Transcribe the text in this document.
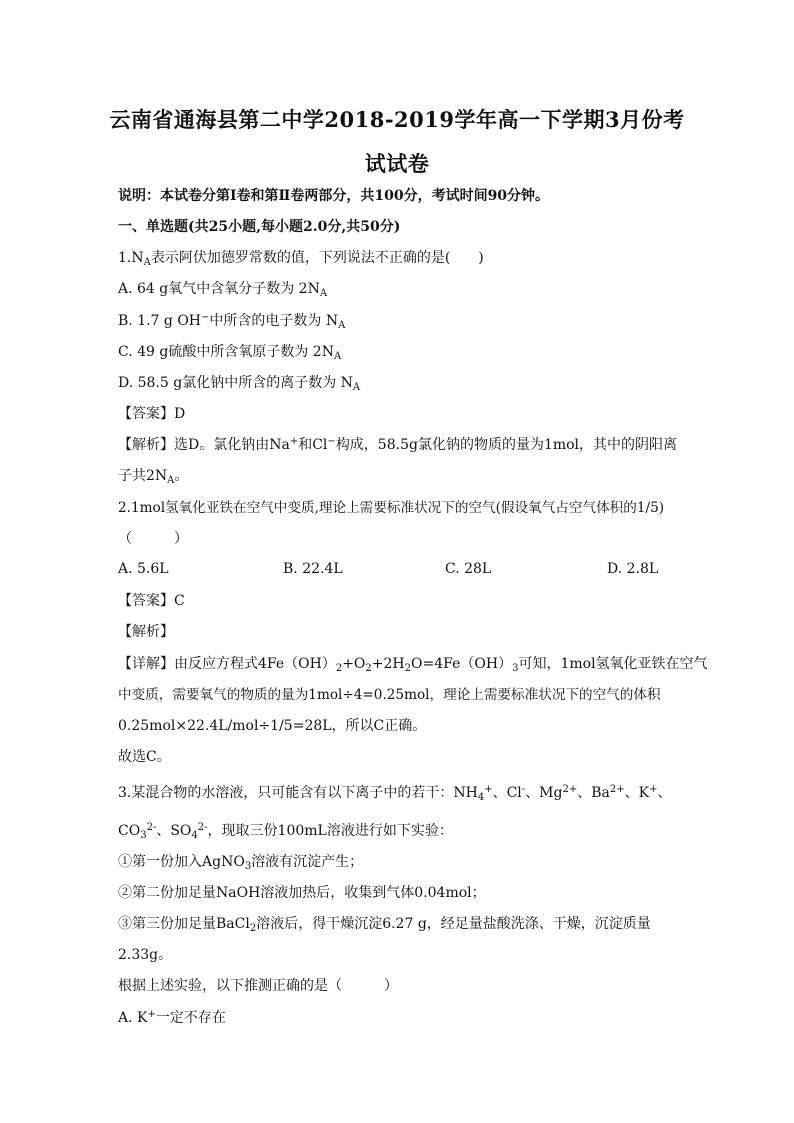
云南省通海县第二中学2018-2019学年高一下学期3月份考
试试卷
说明：本试卷分第Ⅰ卷和第Ⅱ卷两部分，共100分，考试时间90分钟。
一、单选题(共25小题,每小题2.0分,共50分)
$1.N_A$表示阿伏加德罗常数的值，下列说法不正确的是(　　)
A. 64 g氧气中含氧分子数为 $2N_A$
B. 1.7 g OH−中所含的电子数为 $N_A$
C. 49 g硫酸中所含氧原子数为 $2N_A$
D. 58.5 g氯化钠中所含的离子数为 $N_A$
【答案】D
【解析】选D。氯化钠由Na+和Cl−构成，58.5g氯化钠的物质的量为1mol，其中的阴阳离
子共$2N_A$。
2.1mol氢氧化亚铁在空气中变质,理论上需要标准状况下的空气(假设氧气占空气体积的1/5)
（　　　）
A. 5.6L	B. 22.4L	C. 28L	D. 2.8L
【答案】C
【解析】
【详解】由反应方程式$4Fe(OH)_2+O_2+2H_2O=4Fe(OH)_3$可知，1mol氢氧化亚铁在空气
中变质，需要氧气的物质的量为1mol÷4=0.25mol，理论上需要标准状况下的空气的体积
0.25mol×22.4L/mol÷1/5=28L，所以C正确。
故选C。
3.某混合物的水溶液，只可能含有以下离子中的若干：$NH_4^+$、Cl-、$Mg^{2+}$、$Ba^{2+}$、K+、
$CO_3^{2-}$、$SO_4^{2-}$，现取三份100mL溶液进行如下实验：
①第一份加入AgNO$_3$溶液有沉淀产生；
②第二份加足量NaOH溶液加热后，收集到气体0.04mol；
③第三份加足量BaCl$_2$溶液后，得干燥沉淀6.27 g，经足量盐酸洗涤、干燥，沉淀质量
2.33g。
根据上述实验，以下推测正确的是（　　　）
A. K+一定不存在
